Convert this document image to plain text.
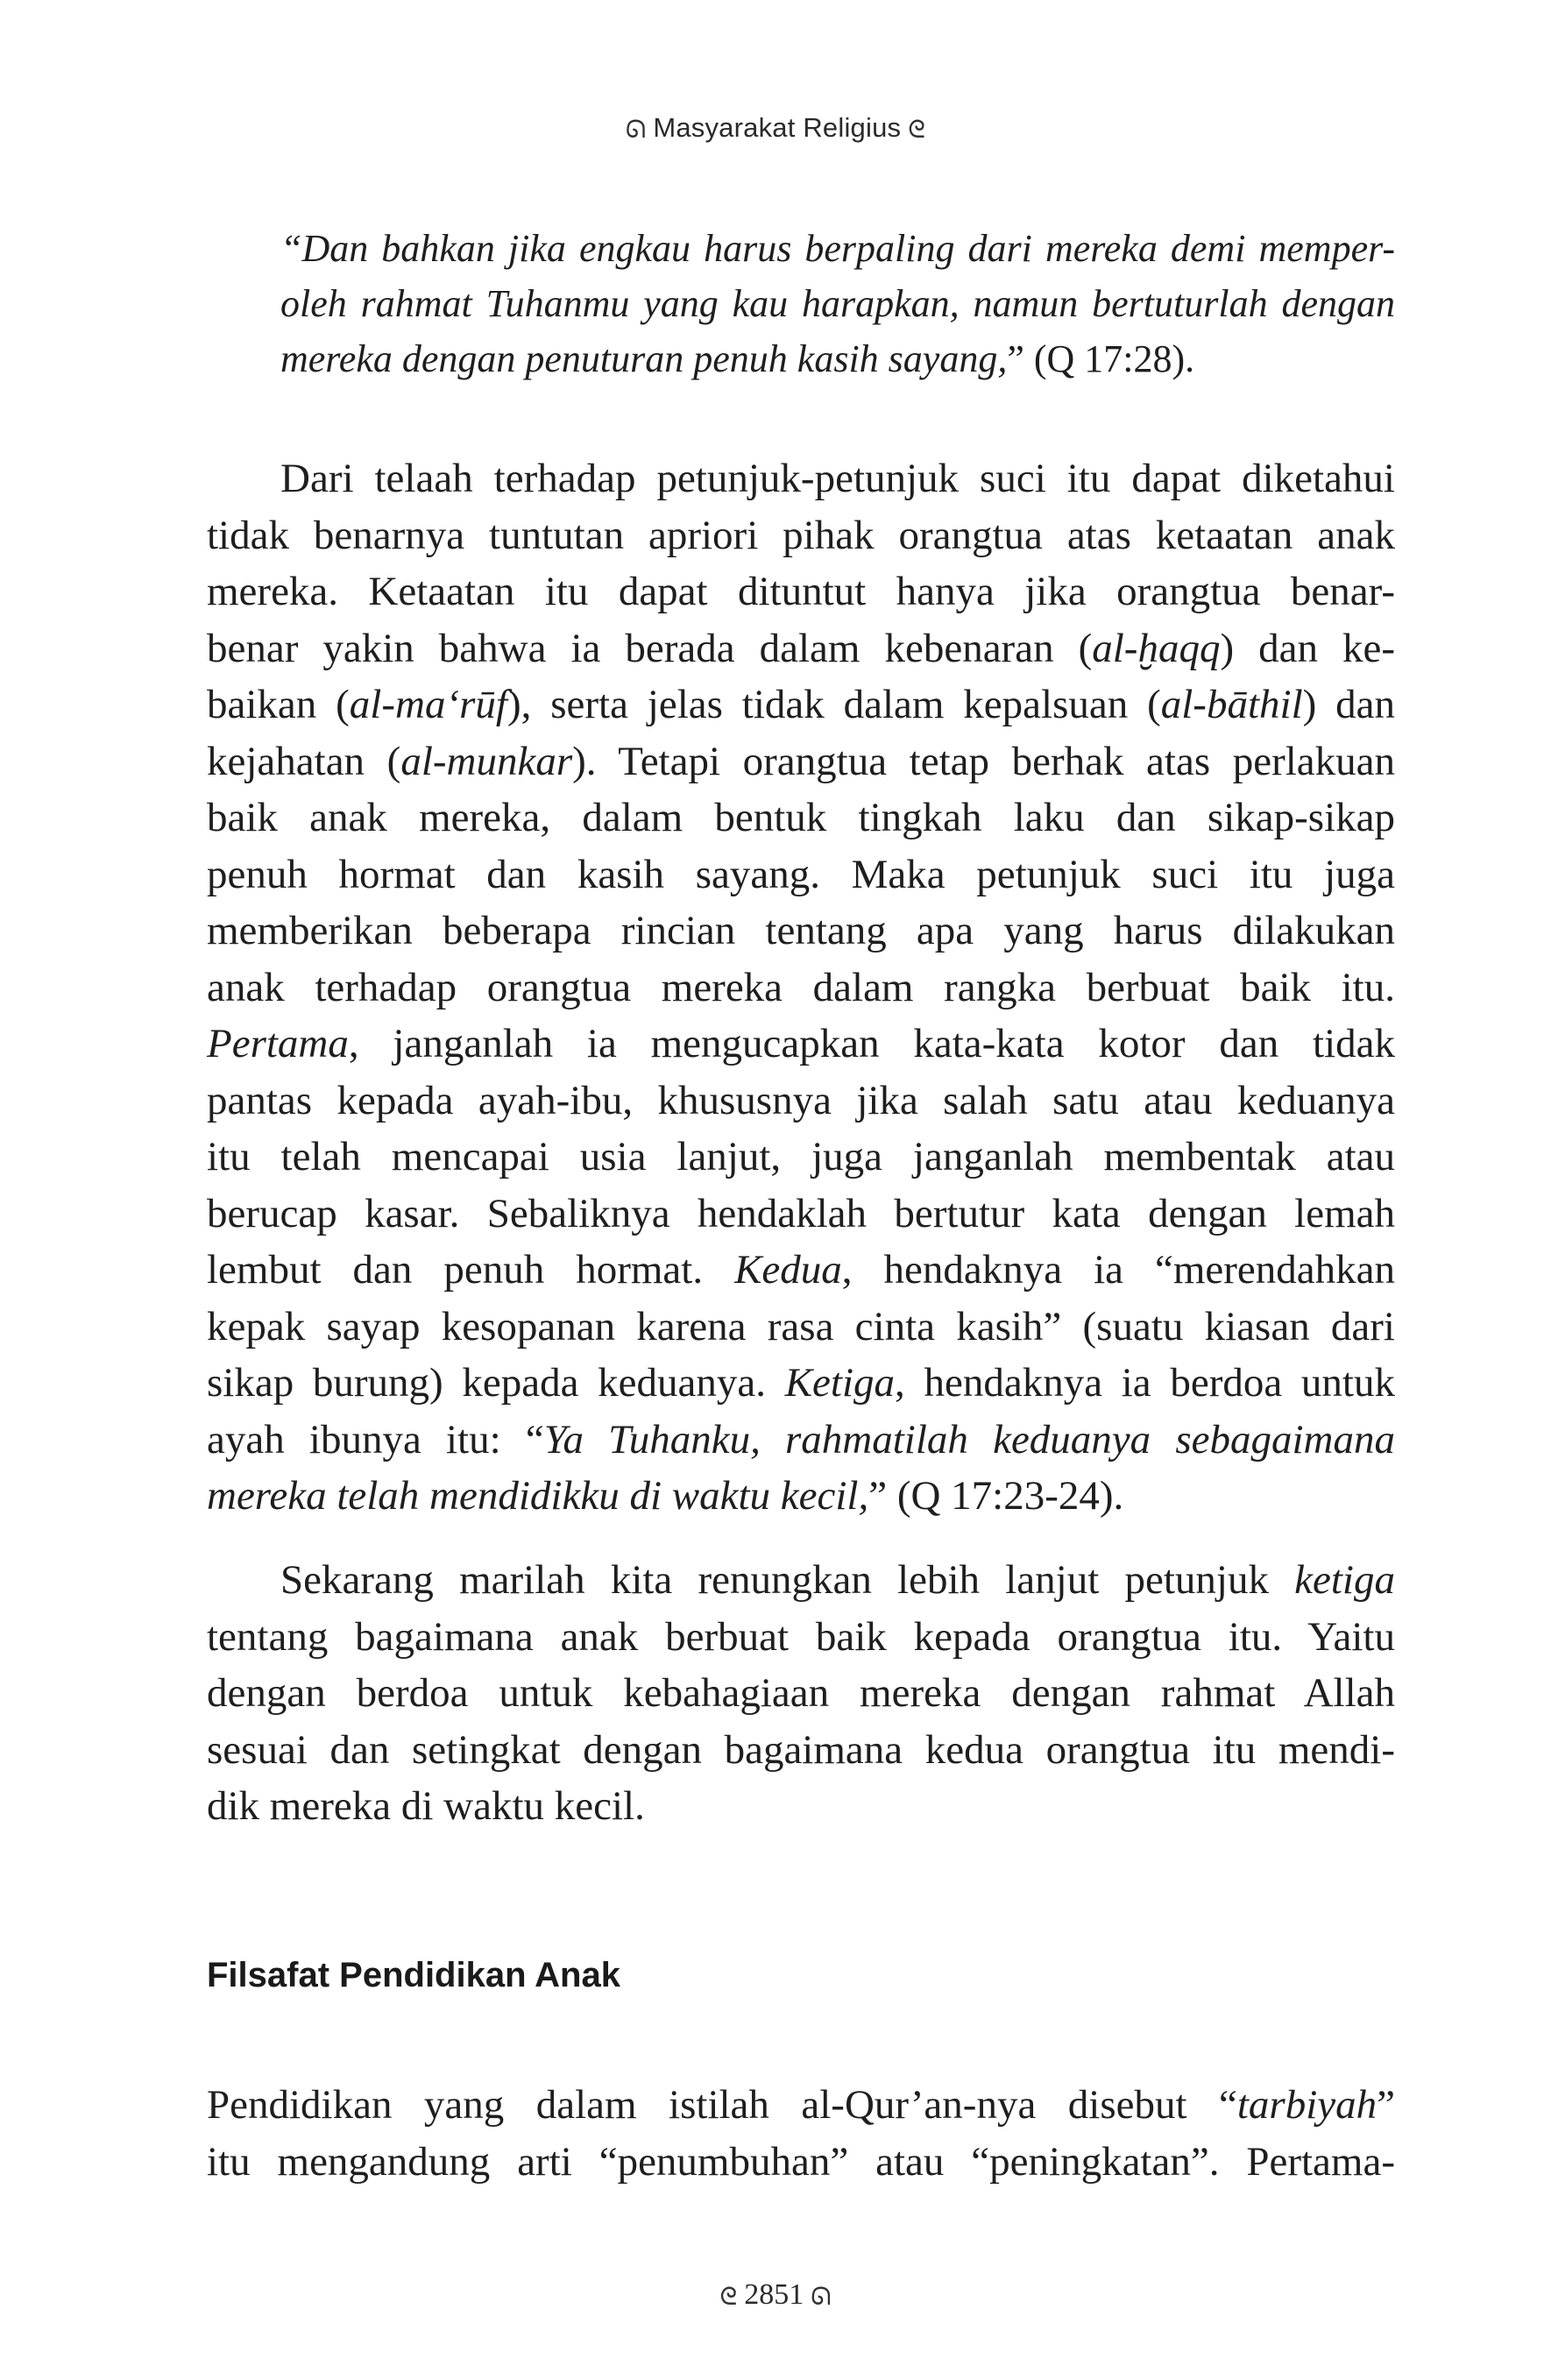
ᘏ Masyarakat Religius ᘓ
“Dan bahkan jika engkau harus berpaling dari mereka demi memper-
oleh rahmat Tuhanmu yang kau harapkan, namun bertuturlah dengan
mereka dengan penuturan penuh kasih sayang,” (Q 17:28).
Dari telaah terhadap petunjuk-petunjuk suci itu dapat diketahui
tidak benarnya tuntutan apriori pihak orangtua atas ketaatan anak
mereka. Ketaatan itu dapat dituntut hanya jika orangtua benar-
benar yakin bahwa ia berada dalam kebenaran (al-ḫaqq) dan ke-
baikan (al-ma‘rūf), serta jelas tidak dalam kepalsuan (al-bāthil) dan
kejahatan (al-munkar). Tetapi orangtua tetap berhak atas perlakuan
baik anak mereka, dalam bentuk tingkah laku dan sikap-sikap
penuh hormat dan kasih sayang. Maka petunjuk suci itu juga
memberikan beberapa rincian tentang apa yang harus dilakukan
anak terhadap orangtua mereka dalam rangka berbuat baik itu.
Pertama, janganlah ia mengucapkan kata-kata kotor dan tidak
pantas kepada ayah-ibu, khususnya jika salah satu atau keduanya
itu telah mencapai usia lanjut, juga janganlah membentak atau
berucap kasar. Sebaliknya hendaklah bertutur kata dengan lemah
lembut dan penuh hormat. Kedua, hendaknya ia “merendahkan
kepak sayap kesopanan karena rasa cinta kasih” (suatu kiasan dari
sikap burung) kepada keduanya. Ketiga, hendaknya ia berdoa untuk
ayah ibunya itu: “Ya Tuhanku, rahmatilah keduanya sebagaimana
mereka telah mendidikku di waktu kecil,” (Q 17:23-24).
Sekarang marilah kita renungkan lebih lanjut petunjuk ketiga
tentang bagaimana anak berbuat baik kepada orangtua itu. Yaitu
dengan berdoa untuk kebahagiaan mereka dengan rahmat Allah
sesuai dan setingkat dengan bagaimana kedua orangtua itu mendi-
dik mereka di waktu kecil.
Filsafat Pendidikan Anak
Pendidikan yang dalam istilah al-Qur’an-nya disebut “tarbiyah”
itu mengandung arti “penumbuhan” atau “peningkatan”. Pertama-
ᘓ 2851 ᘏ
